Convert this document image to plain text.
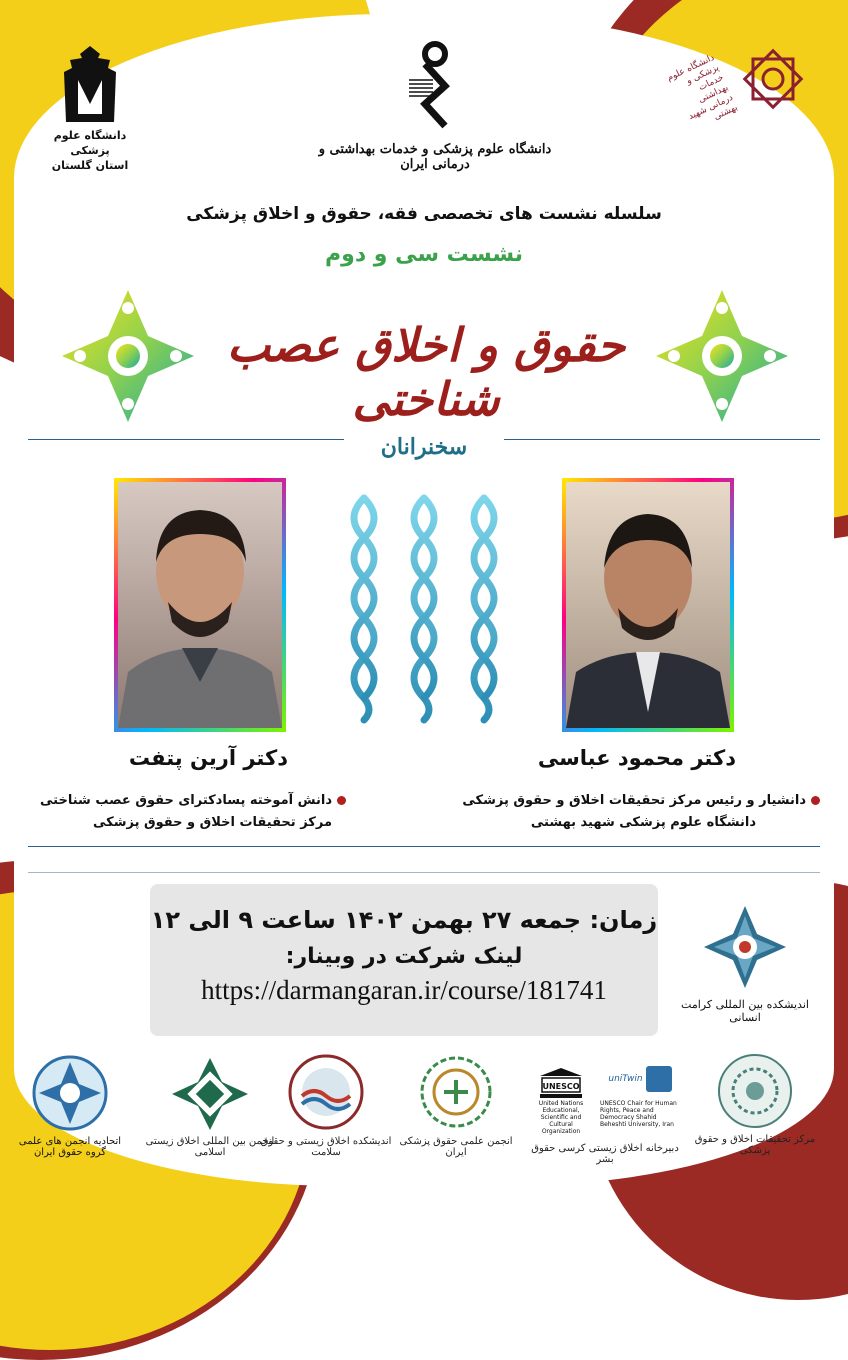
دانشگاه علوم پزشکی
استان گلستان
دانشگاه علوم پزشکی و خدمات بهداشتی و درمانی ایران
دانشگاه علوم پزشکی و خدمات بهداشتی درمانی شهید بهشتی
سلسله نشست های تخصصی فقه، حقوق و اخلاق پزشکی
نشست سی و دوم
حقوق و اخلاق عصب شناختی
سخنرانان
دکتر محمود عباسی
دانشیار و رئیس مرکز تحقیقات اخلاق و حقوق پزشکی
دانشگاه علوم پزشکی شهید بهشتی
دکتر آرین پتفت
دانش آموخته پسادکترای حقوق عصب شناختی
مرکز تحقیقات اخلاق و حقوق پزشکی
زمان: جمعه ۲۷ بهمن ۱۴۰۲ ساعت ۹ الی ۱۲
لینک شرکت در وبینار:
https://darmangaran.ir/course/181741	اندیشکده بین المللی کرامت انسانی
مرکز تحقیقات اخلاق و حقوق پزشکی
UNESCO
uniTwin
United Nations Educational, Scientific and Cultural Organization
UNESCO Chair for Human Rights, Peace and Democracy Shahid Beheshti University, Iran
دبیرخانه اخلاق زیستی کرسی حقوق بشر
انجمن علمی حقوق پزشکی ایران
اندیشکده اخلاق زیستی و حقوق سلامت
انجمن بین المللی اخلاق زیستی اسلامی
اتحادیه انجمن های علمی گروه حقوق ایران
